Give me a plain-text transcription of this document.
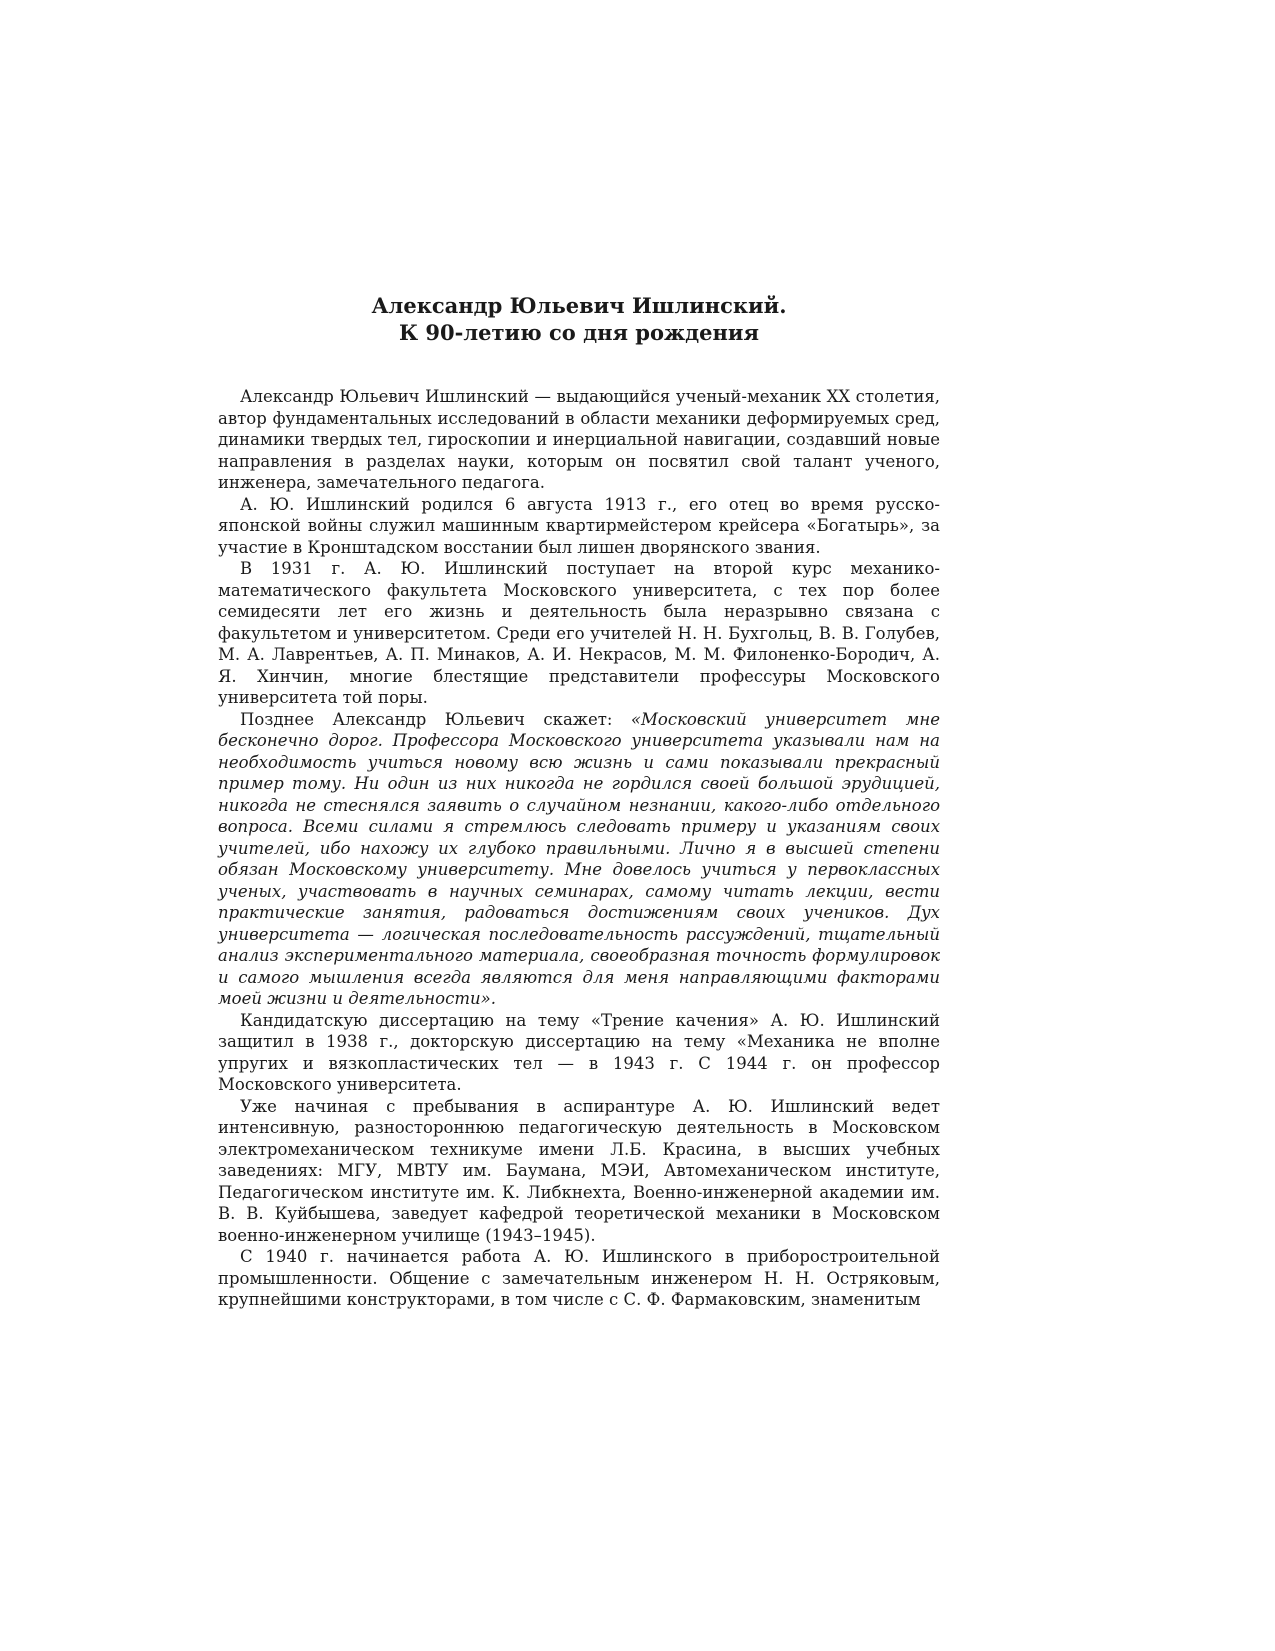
Александр Юльевич Ишлинский.
К 90-летию со дня рождения

Александр Юльевич Ишлинский — выдающийся ученый-механик XX столетия, автор фундаментальных исследований в области механики деформируемых сред, динамики твердых тел, гироскопии и инерциальной навигации, создавший новые направления в разделах науки, которым он посвятил свой талант ученого, инженера, замечательного педагога.

А. Ю. Ишлинский родился 6 августа 1913 г., его отец во время русско-японской войны служил машинным квартирмейстером крейсера «Богатырь», за участие в Кронштадском восстании был лишен дворянского звания.

В 1931 г. А. Ю. Ишлинский поступает на второй курс механико-математического факультета Московского университета, с тех пор более семидесяти лет его жизнь и деятельность была неразрывно связана с факультетом и университетом. Среди его учителей Н. Н. Бухгольц, В. В. Голубев, М. А. Лаврентьев, А. П. Минаков, А. И. Некрасов, М. М. Филоненко-Бородич, А. Я. Хинчин, многие блестящие представители профессуры Московского университета той поры.

Позднее Александр Юльевич скажет: «Московский университет мне бесконечно дорог. Профессора Московского университета указывали нам на необходимость учиться новому всю жизнь и сами показывали прекрасный пример тому. Ни один из них никогда не гордился своей большой эрудицией, никогда не стеснялся заявить о случайном незнании, какого-либо отдельного вопроса. Всеми силами я стремлюсь следовать примеру и указаниям своих учителей, ибо нахожу их глубоко правильными. Лично я в высшей степени обязан Московскому университету. Мне довелось учиться у первоклассных ученых, участвовать в научных семинарах, самому читать лекции, вести практические занятия, радоваться достижениям своих учеников. Дух университета — логическая последовательность рассуждений, тщательный анализ экспериментального материала, своеобразная точность формулировок и самого мышления всегда являются для меня направляющими факторами моей жизни и деятельности».

Кандидатскую диссертацию на тему «Трение качения» А. Ю. Ишлинский защитил в 1938 г., докторскую диссертацию на тему «Механика не вполне упругих и вязкопластических тел — в 1943 г. С 1944 г. он профессор Московского университета.

Уже начиная с пребывания в аспирантуре А. Ю. Ишлинский ведет интенсивную, разностороннюю педагогическую деятельность в Московском электромеханическом техникуме имени Л.Б. Красина, в высших учебных заведениях: МГУ, МВТУ им. Баумана, МЭИ, Автомеханическом институте, Педагогическом институте им. К. Либкнехта, Военно-инженерной академии им. В. В. Куйбышева, заведует кафедрой теоретической механики в Московском военно-инженерном училище (1943–1945).

С 1940 г. начинается работа А. Ю. Ишлинского в приборостроительной промышленности. Общение с замечательным инженером Н. Н. Остряковым, крупнейшими конструкторами, в том числе с С. Ф. Фармаковским, знаменитым
